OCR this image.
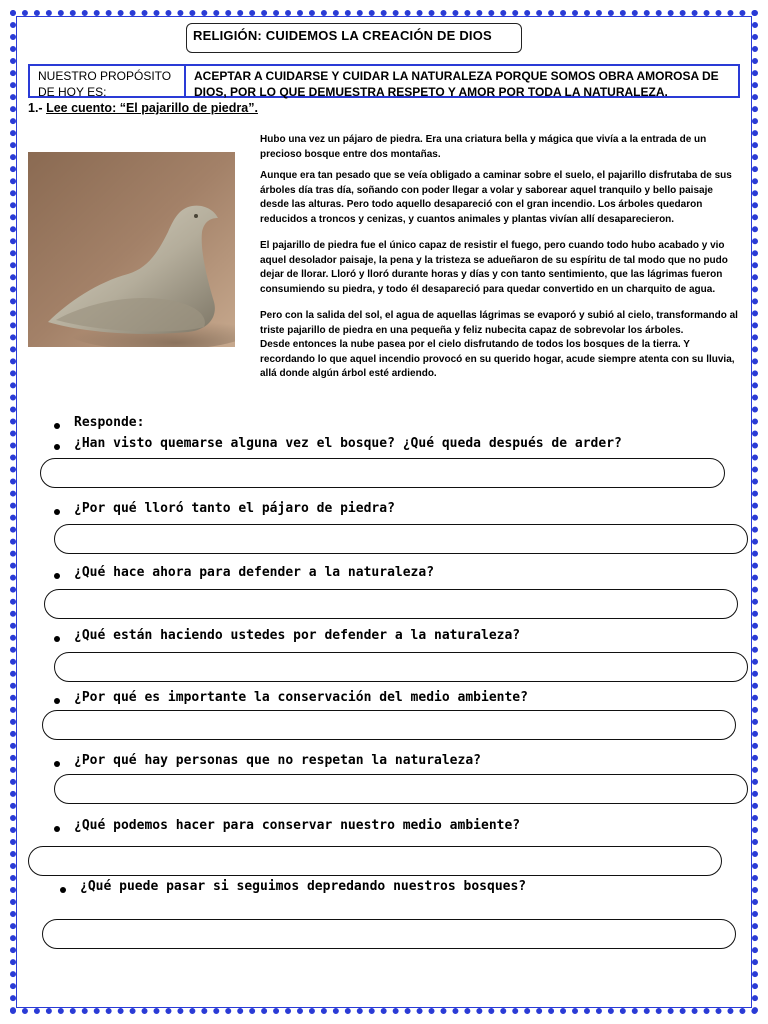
RELIGIÓN: CUIDEMOS LA CREACIÓN DE DIOS
NUESTRO PROPÓSITO
DE HOY ES:
ACEPTAR A CUIDARSE Y CUIDAR LA NATURALEZA PORQUE SOMOS OBRA AMOROSA DE
DIOS, POR LO QUE DEMUESTRA RESPETO Y AMOR POR TODA LA NATURALEZA.
1.- Lee cuento: “El pajarillo de piedra”.

Hubo una vez un pájaro de piedra. Era una criatura bella y mágica que vivía a la entrada de un precioso bosque entre dos montañas.

Aunque era tan pesado que se veía obligado a caminar sobre el suelo, el pajarillo disfrutaba de sus árboles día tras día, soñando con poder llegar a volar y saborear aquel tranquilo y bello paisaje desde las alturas. Pero todo aquello desapareció con el gran incendio. Los árboles quedaron reducidos a troncos y cenizas, y cuantos animales y plantas vivían allí desaparecieron.

El pajarillo de piedra fue el único capaz de resistir el fuego, pero cuando todo hubo acabado y vio aquel desolador paisaje, la pena y la tristeza se adueñaron de su espíritu de tal modo que no pudo dejar de llorar. Lloró y lloró durante horas y días y con tanto sentimiento, que las lágrimas fueron consumiendo su piedra, y todo él desapareció para quedar convertido en un charquito de agua.

Pero con la salida del sol, el agua de aquellas lágrimas se evaporó y subió al cielo, transformando al triste pajarillo de piedra en una pequeña y feliz nubecita capaz de sobrevolar los árboles.

Desde entonces la nube pasea por el cielo disfrutando de todos los bosques de la tierra. Y recordando lo que aquel incendio provocó en su querido hogar, acude siempre atenta con su lluvia, allá donde algún árbol esté ardiendo.

Responde:
¿Han visto quemarse alguna vez el bosque? ¿Qué queda después de arder?
¿Por qué lloró tanto el pájaro de piedra?
¿Qué hace ahora para defender a la naturaleza?
¿Qué están haciendo ustedes por defender a la naturaleza?
¿Por qué es importante la conservación del medio ambiente?
¿Por qué hay personas que no respetan la naturaleza?
¿Qué podemos hacer para conservar nuestro medio ambiente?
¿Qué puede pasar si seguimos depredando nuestros bosques?
